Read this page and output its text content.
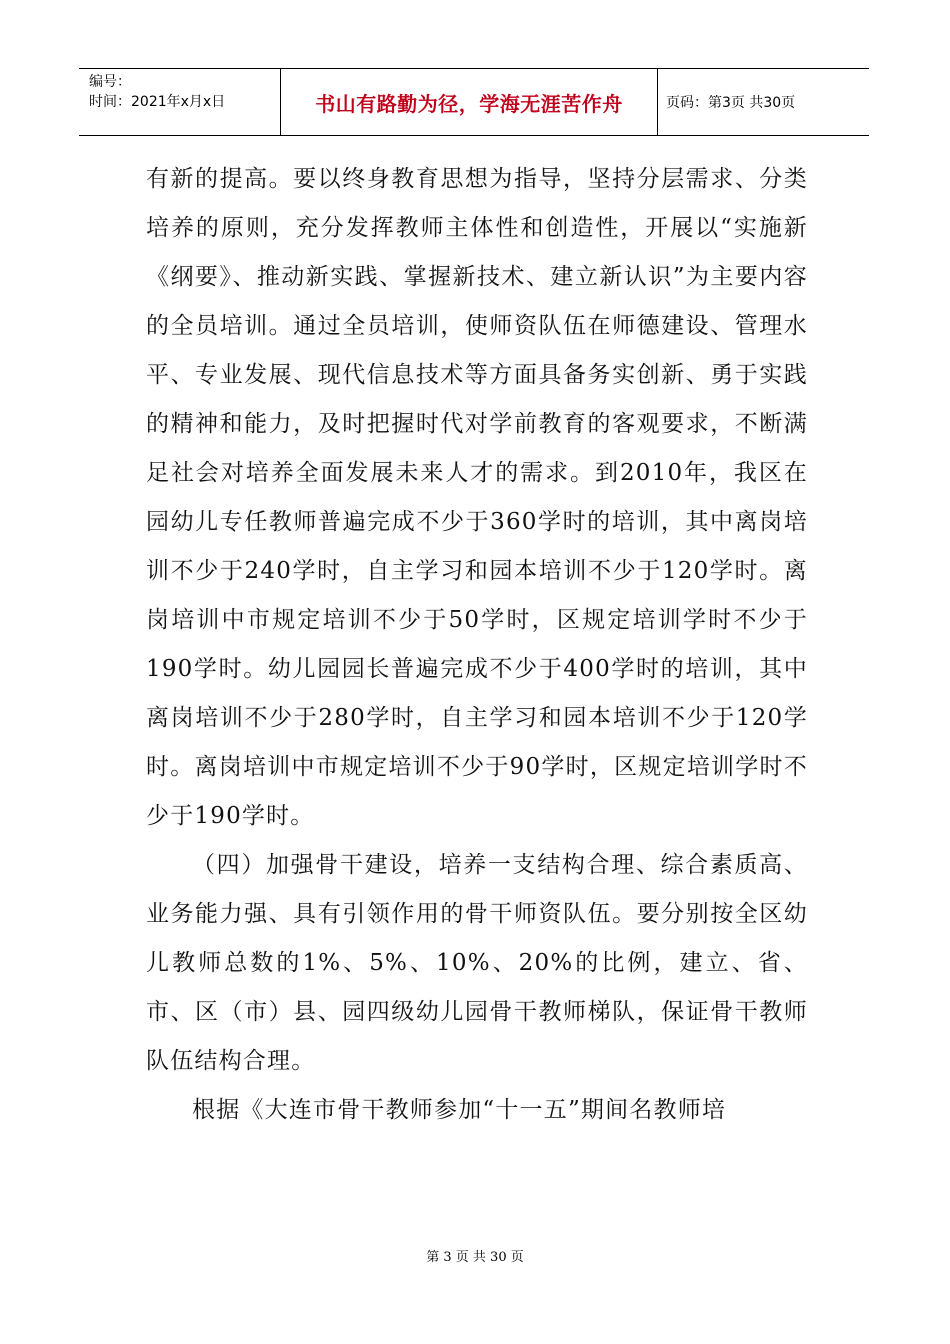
编号：
时间：2021年x月x日	书山有路勤为径，学海无涯苦作舟	页码：第3页 共30页

有新的提高。要以终身教育思想为指导，坚持分层需求、分类培养的原则，充分发挥教师主体性和创造性，开展以“实施新《纲要》、推动新实践、掌握新技术、建立新认识”为主要内容的全员培训。通过全员培训，使师资队伍在师德建设、管理水平、专业发展、现代信息技术等方面具备务实创新、勇于实践的精神和能力，及时把握时代对学前教育的客观要求，不断满足社会对培养全面发展未来人才的需求。到2010年，我区在园幼儿专任教师普遍完成不少于360学时的培训，其中离岗培训不少于240学时，自主学习和园本培训不少于120学时。离岗培训中市规定培训不少于50学时，区规定培训学时不少于190学时。幼儿园园长普遍完成不少于400学时的培训，其中离岗培训不少于280学时，自主学习和园本培训不少于120学时。离岗培训中市规定培训不少于90学时，区规定培训学时不少于190学时。

（四）加强骨干建设，培养一支结构合理、综合素质高、业务能力强、具有引领作用的骨干师资队伍。要分别按全区幼儿教师总数的1%、5%、10%、20%的比例，建立、省、市、区（市）县、园四级幼儿园骨干教师梯队，保证骨干教师队伍结构合理。

根据《大连市骨干教师参加“十一五”期间名教师培

第 3 页 共 30 页
